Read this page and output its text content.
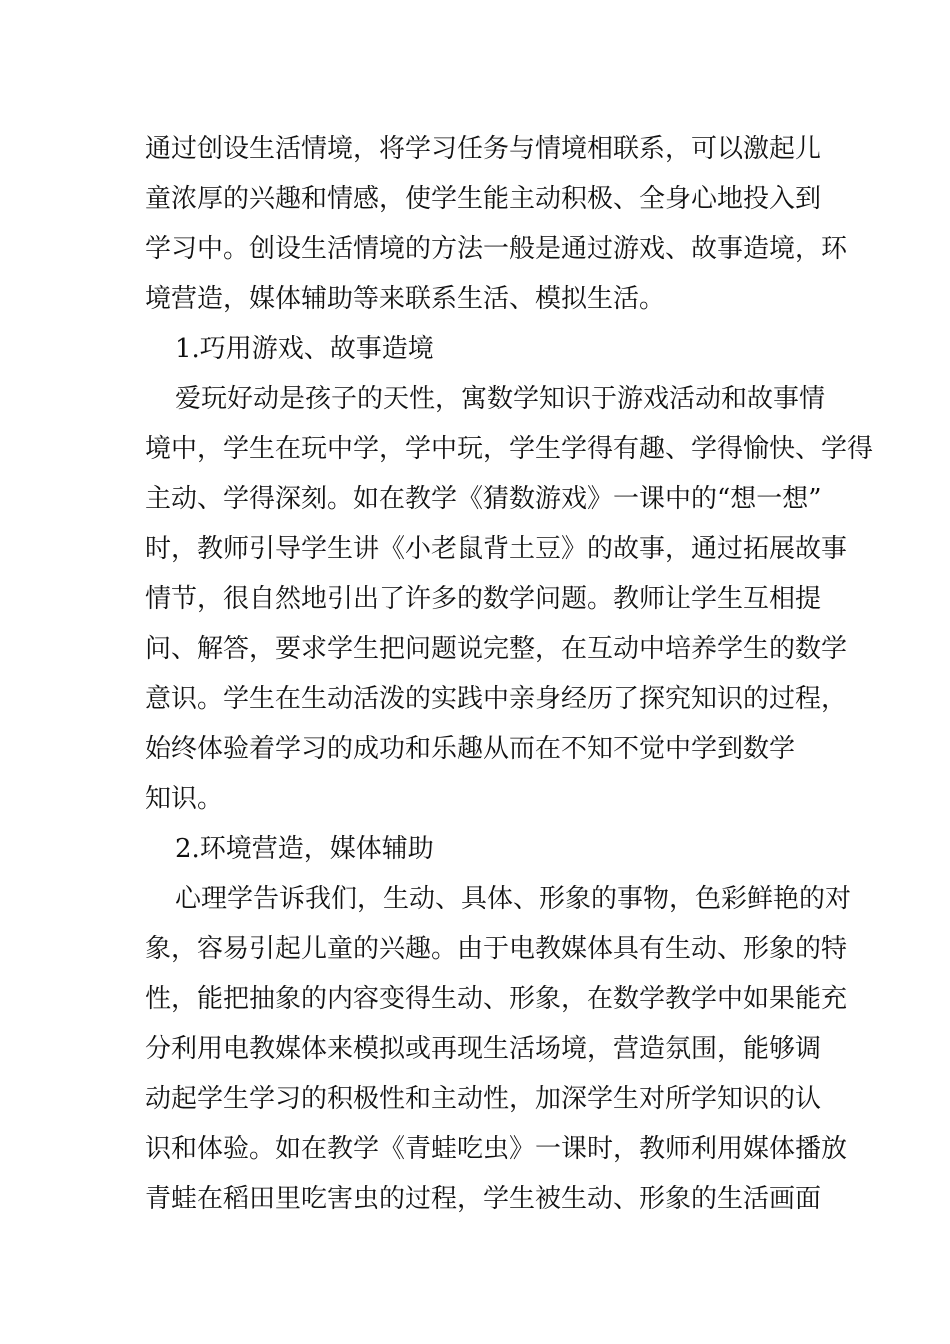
通过创设生活情境，将学习任务与情境相联系，可以激起儿
童浓厚的兴趣和情感，使学生能主动积极、全身心地投入到
学习中。创设生活情境的方法一般是通过游戏、故事造境，环
境营造，媒体辅助等来联系生活、模拟生活。
1.巧用游戏、故事造境
爱玩好动是孩子的天性，寓数学知识于游戏活动和故事情
境中，学生在玩中学，学中玩，学生学得有趣、学得愉快、学得
主动、学得深刻。如在教学《猜数游戏》一课中的“想一想”
时，教师引导学生讲《小老鼠背土豆》的故事，通过拓展故事
情节，很自然地引出了许多的数学问题。教师让学生互相提
问、解答，要求学生把问题说完整，在互动中培养学生的数学
意识。学生在生动活泼的实践中亲身经历了探究知识的过程，
始终体验着学习的成功和乐趣从而在不知不觉中学到数学
知识。
2.环境营造，媒体辅助
心理学告诉我们，生动、具体、形象的事物，色彩鲜艳的对
象，容易引起儿童的兴趣。由于电教媒体具有生动、形象的特
性，能把抽象的内容变得生动、形象，在数学教学中如果能充
分利用电教媒体来模拟或再现生活场境，营造氛围，能够调
动起学生学习的积极性和主动性，加深学生对所学知识的认
识和体验。如在教学《青蛙吃虫》一课时，教师利用媒体播放
青蛙在稻田里吃害虫的过程，学生被生动、形象的生活画面
